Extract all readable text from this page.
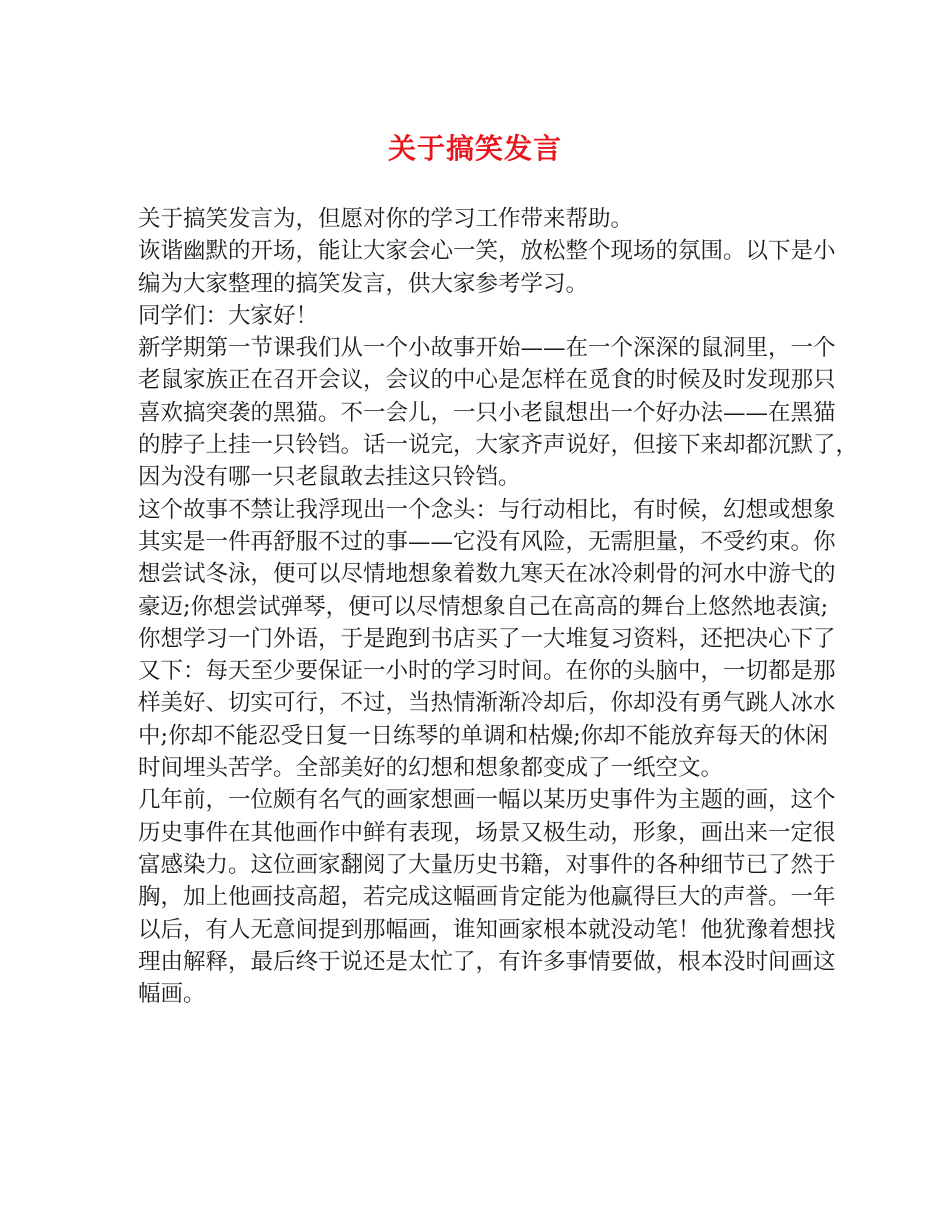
关于搞笑发言
关于搞笑发言为，但愿对你的学习工作带来帮助。
诙谐幽默的开场，能让大家会心一笑，放松整个现场的氛围。以下是小
编为大家整理的搞笑发言，供大家参考学习。
同学们：大家好！
新学期第一节课我们从一个小故事开始——在一个深深的鼠洞里，一个
老鼠家族正在召开会议，会议的中心是怎样在觅食的时候及时发现那只
喜欢搞突袭的黑猫。不一会儿，一只小老鼠想出一个好办法——在黑猫
的脖子上挂一只铃铛。话一说完，大家齐声说好，但接下来却都沉默了，
因为没有哪一只老鼠敢去挂这只铃铛。
这个故事不禁让我浮现出一个念头：与行动相比，有时候，幻想或想象
其实是一件再舒服不过的事——它没有风险，无需胆量，不受约束。你
想尝试冬泳，便可以尽情地想象着数九寒天在冰冷刺骨的河水中游弋的
豪迈;你想尝试弹琴，便可以尽情想象自己在高高的舞台上悠然地表演;
你想学习一门外语，于是跑到书店买了一大堆复习资料，还把决心下了
又下：每天至少要保证一小时的学习时间。在你的头脑中，一切都是那
样美好、切实可行，不过，当热情渐渐冷却后，你却没有勇气跳人冰水
中;你却不能忍受日复一日练琴的单调和枯燥;你却不能放弃每天的休闲
时间埋头苦学。全部美好的幻想和想象都变成了一纸空文。
几年前，一位颇有名气的画家想画一幅以某历史事件为主题的画，这个
历史事件在其他画作中鲜有表现，场景又极生动，形象，画出来一定很
富感染力。这位画家翻阅了大量历史书籍，对事件的各种细节已了然于
胸，加上他画技高超，若完成这幅画肯定能为他赢得巨大的声誉。一年
以后，有人无意间提到那幅画，谁知画家根本就没动笔！他犹豫着想找
理由解释，最后终于说还是太忙了，有许多事情要做，根本没时间画这
幅画。
